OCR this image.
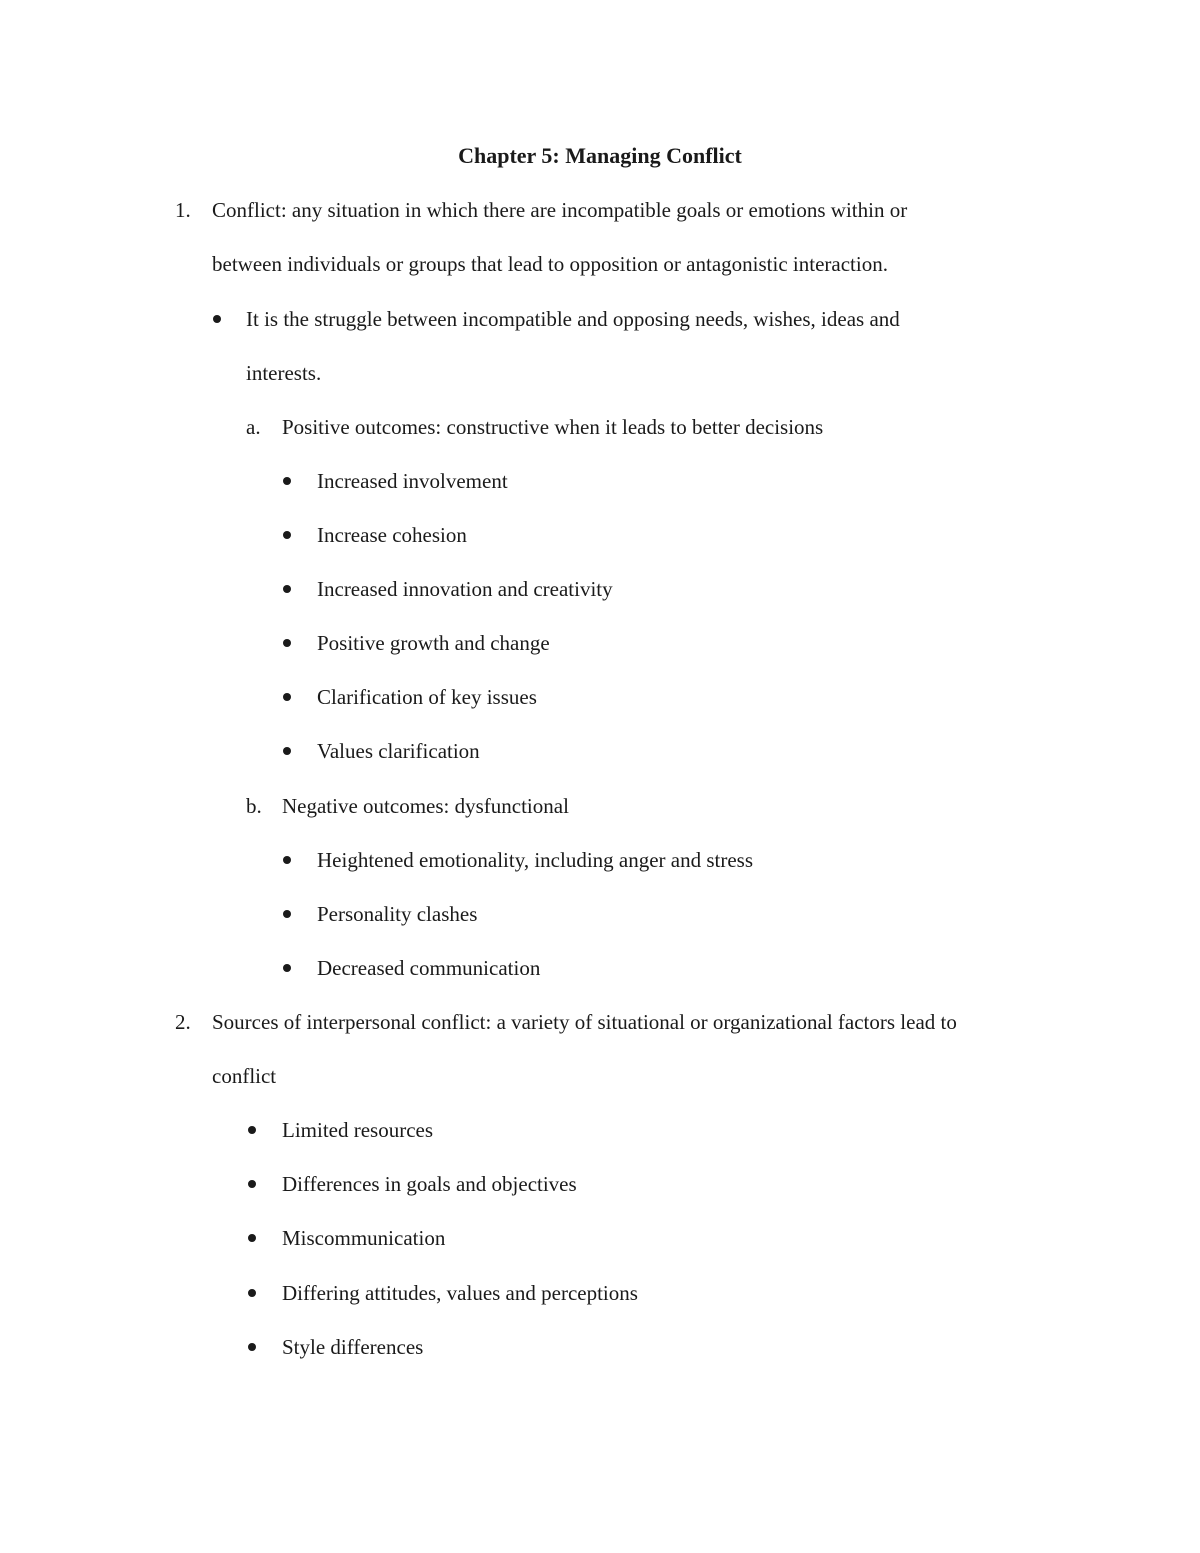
Chapter 5: Managing Conflict
1. Conflict: any situation in which there are incompatible goals or emotions within or
between individuals or groups that lead to opposition or antagonistic interaction.
It is the struggle between incompatible and opposing needs, wishes, ideas and
interests.
a. Positive outcomes: constructive when it leads to better decisions
Increased involvement
Increase cohesion
Increased innovation and creativity
Positive growth and change
Clarification of key issues
Values clarification
b. Negative outcomes: dysfunctional
Heightened emotionality, including anger and stress
Personality clashes
Decreased communication
2. Sources of interpersonal conflict: a variety of situational or organizational factors lead to
conflict
Limited resources
Differences in goals and objectives
Miscommunication
Differing attitudes, values and perceptions
Style differences
